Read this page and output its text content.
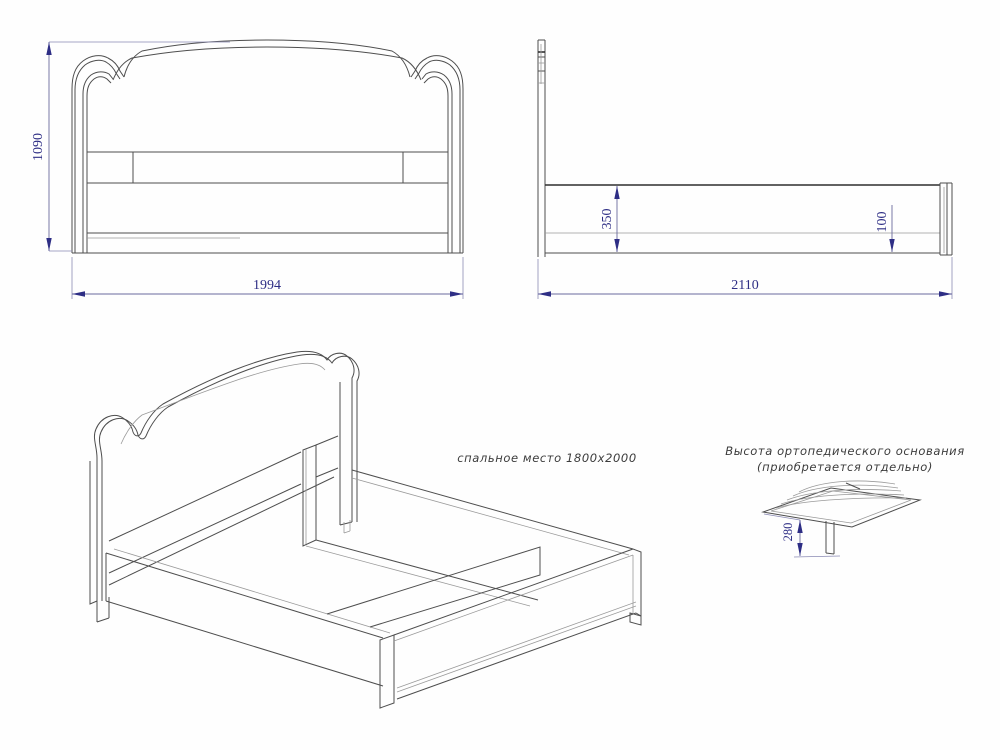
1090
1994
350	100
2110
спальное место 1800x2000	Высота ортопедического основания
(приобретается отдельно)
280
